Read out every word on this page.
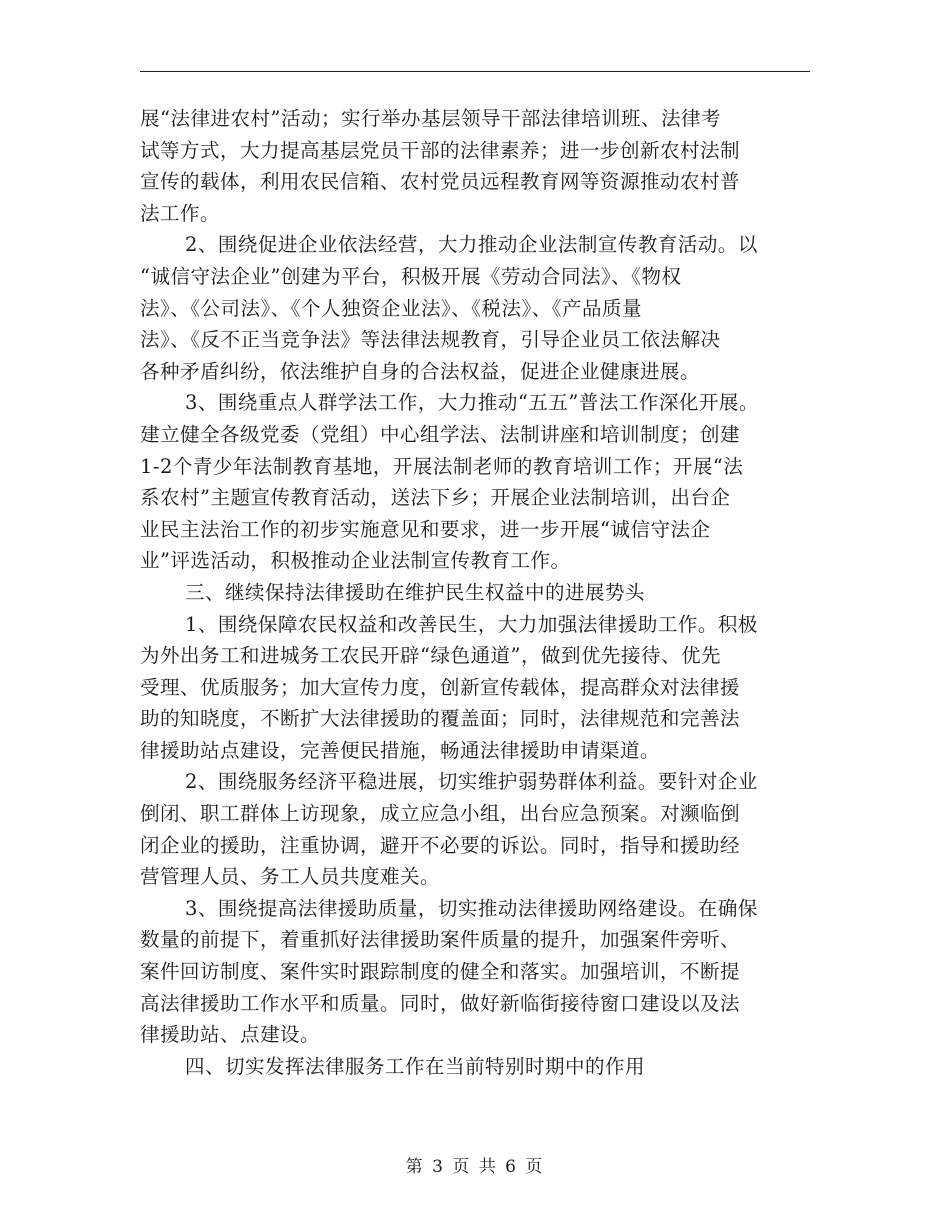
展“法律进农村”活动；实行举办基层领导干部法律培训班、法律考
试等方式，大力提高基层党员干部的法律素养；进一步创新农村法制
宣传的载体，利用农民信箱、农村党员远程教育网等资源推动农村普
法工作。
2、围绕促进企业依法经营，大力推动企业法制宣传教育活动。以
“诚信守法企业”创建为平台，积极开展《劳动合同法》、《物权
法》、《公司法》、《个人独资企业法》、《税法》、《产品质量
法》、《反不正当竞争法》等法律法规教育，引导企业员工依法解决
各种矛盾纠纷，依法维护自身的合法权益，促进企业健康进展。
3、围绕重点人群学法工作，大力推动“五五”普法工作深化开展。
建立健全各级党委（党组）中心组学法、法制讲座和培训制度；创建
1-2个青少年法制教育基地，开展法制老师的教育培训工作；开展“法
系农村”主题宣传教育活动，送法下乡；开展企业法制培训，出台企
业民主法治工作的初步实施意见和要求，进一步开展“诚信守法企
业”评选活动，积极推动企业法制宣传教育工作。
三、继续保持法律援助在维护民生权益中的进展势头
1、围绕保障农民权益和改善民生，大力加强法律援助工作。积极
为外出务工和进城务工农民开辟“绿色通道”，做到优先接待、优先
受理、优质服务；加大宣传力度，创新宣传载体，提高群众对法律援
助的知晓度，不断扩大法律援助的覆盖面；同时，法律规范和完善法
律援助站点建设，完善便民措施，畅通法律援助申请渠道。
2、围绕服务经济平稳进展，切实维护弱势群体利益。要针对企业
倒闭、职工群体上访现象，成立应急小组，出台应急预案。对濒临倒
闭企业的援助，注重协调，避开不必要的诉讼。同时，指导和援助经
营管理人员、务工人员共度难关。
3、围绕提高法律援助质量，切实推动法律援助网络建设。在确保
数量的前提下，着重抓好法律援助案件质量的提升，加强案件旁听、
案件回访制度、案件实时跟踪制度的健全和落实。加强培训，不断提
高法律援助工作水平和质量。同时，做好新临街接待窗口建设以及法
律援助站、点建设。
四、切实发挥法律服务工作在当前特别时期中的作用
第 3 页 共 6 页
